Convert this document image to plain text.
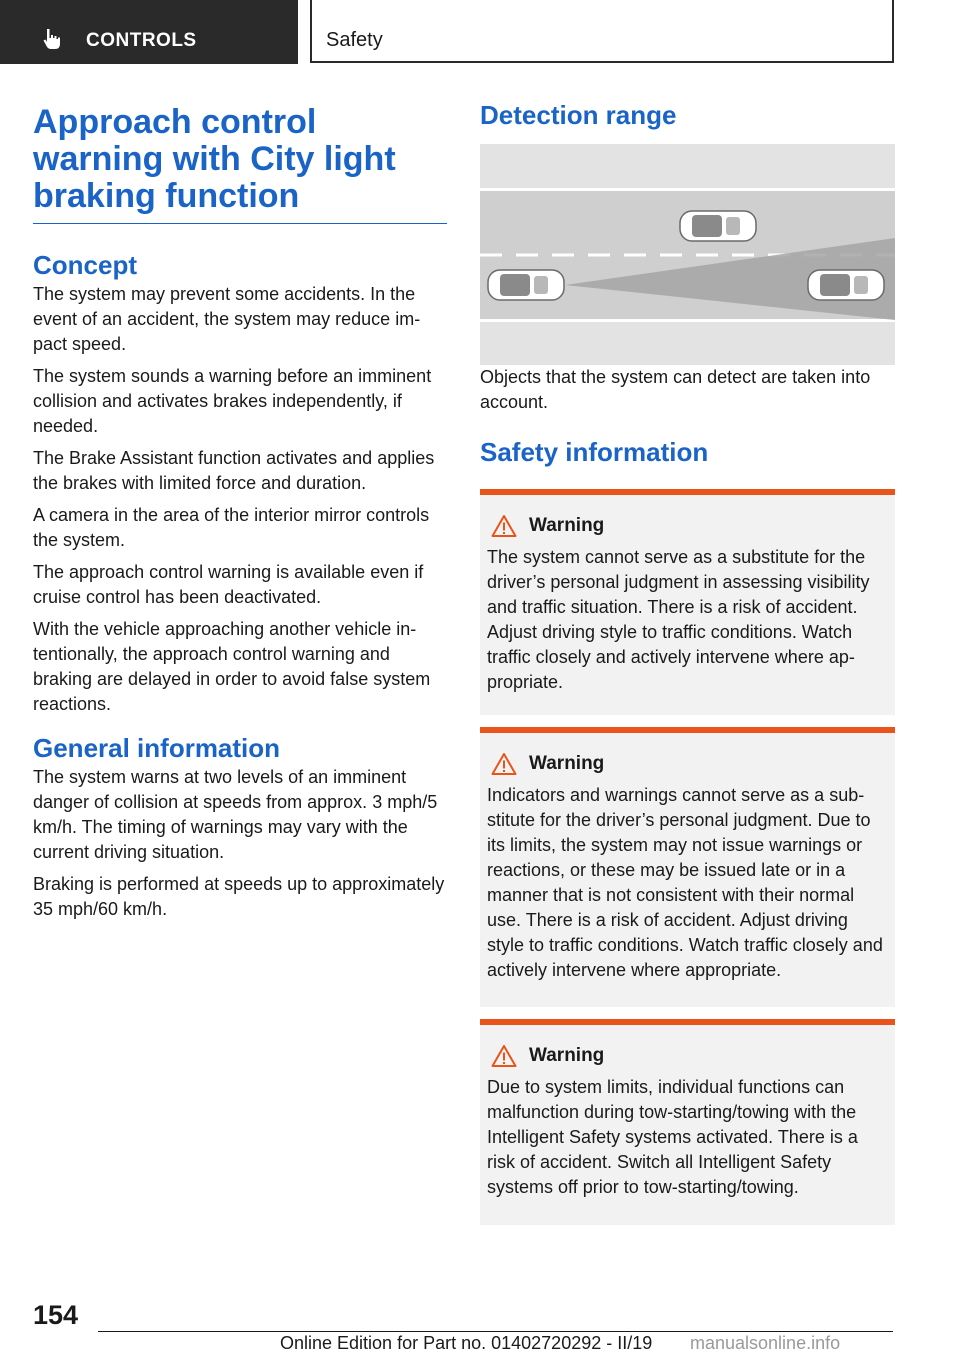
CONTROLS	Safety
Approach control warning with City light braking function
Concept

The system may prevent some accidents. In the event of an accident, the system may reduce impact speed.

The system sounds a warning before an imminent collision and activates brakes independently, if needed.

The Brake Assistant function activates and applies the brakes with limited force and duration.

A camera in the area of the interior mirror controls the system.

The approach control warning is available even if cruise control has been deactivated.

With the vehicle approaching another vehicle intentionally, the approach control warning and braking are delayed in order to avoid false system reactions.

General information

The system warns at two levels of an imminent danger of collision at speeds from approx. 3 mph/5 km/h. The timing of warnings may vary with the current driving situation.

Braking is performed at speeds up to approximately 35 mph/60 km/h.

Detection range

Objects that the system can detect are taken into account.

Safety information
Warning

The system cannot serve as a substitute for the driver’s personal judgment in assessing visibility and traffic situation. There is a risk of accident. Adjust driving style to traffic conditions. Watch traffic closely and actively intervene where appropriate.

Warning

Indicators and warnings cannot serve as a substitute for the driver’s personal judgment. Due to its limits, the system may not issue warnings or reactions, or these may be issued late or in a manner that is not consistent with their normal use. There is a risk of accident. Adjust driving style to traffic conditions. Watch traffic closely and actively intervene where appropriate.

Warning

Due to system limits, individual functions can malfunction during tow-starting/towing with the Intelligent Safety systems activated. There is a risk of accident. Switch all Intelligent Safety systems off prior to tow-starting/towing.

154
Online Edition for Part no. 01402720292 - II/19 manualsonline.info
